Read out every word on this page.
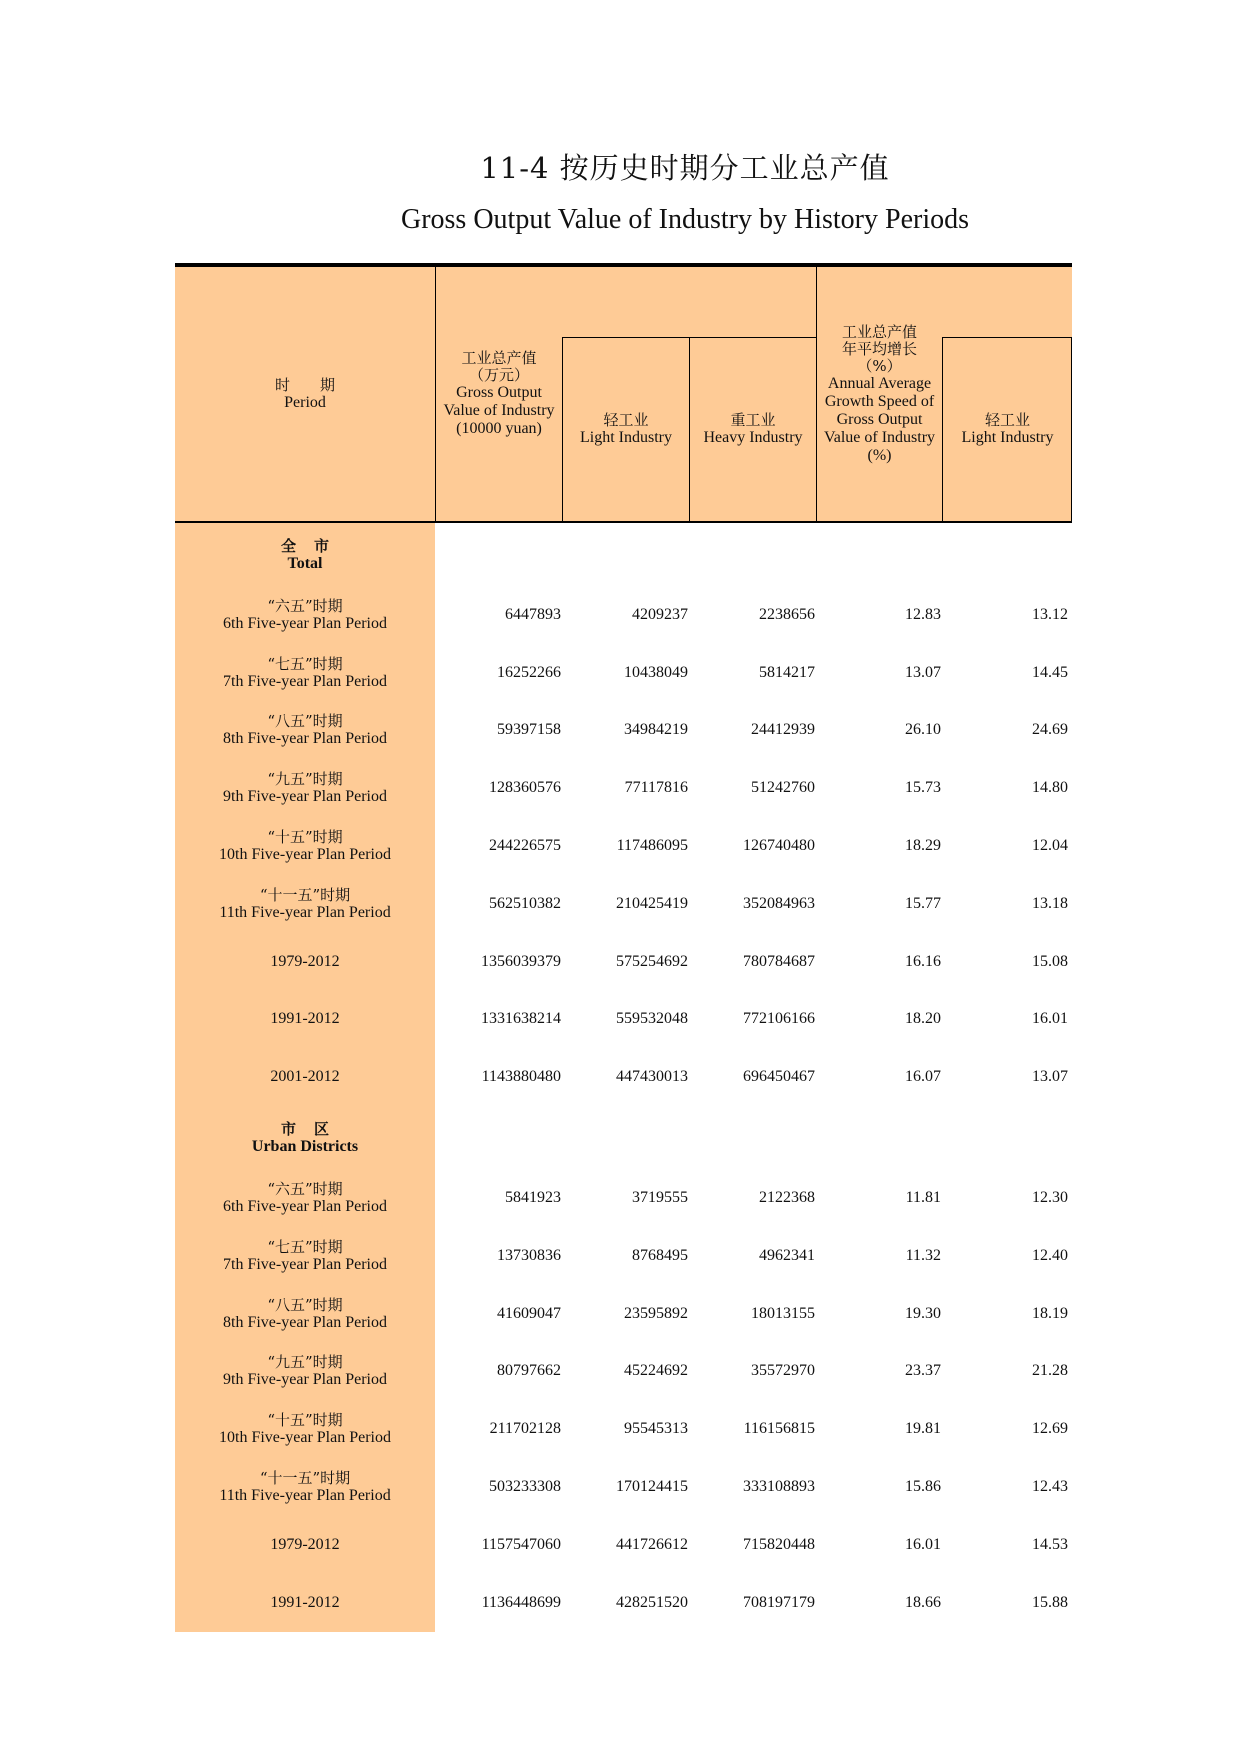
11-4 按历史时期分工业总产值
Gross Output Value of Industry by History Periods
时　　期
Period
工业总产值
（万元）
Gross Output
Value of Industry
(10000 yuan)	轻工业
Light Industry
重工业
Heavy Industry
工业总产值
年平均增长
（%）
Annual Average
Growth Speed of
Gross Output
Value of Industry
(%)
轻工业
Light Industry
全市
Total
“六五”时期
6th Five-year Plan Period
6447893	4209237	2238656	12.83	13.12
“七五”时期
7th Five-year Plan Period
16252266	10438049	5814217	13.07	14.45
“八五”时期
8th Five-year Plan Period
59397158	34984219	24412939	26.10	24.69
“九五”时期
9th Five-year Plan Period
128360576	77117816	51242760	15.73	14.80
“十五”时期
10th Five-year Plan Period
244226575	117486095	126740480	18.29	12.04
“十一五”时期
11th Five-year Plan Period
562510382	210425419	352084963	15.77	13.18
1979-2012	1356039379	575254692	780784687	16.16	15.08
1991-2012	1331638214	559532048	772106166	18.20	16.01
2001-2012	1143880480	447430013	696450467	16.07	13.07
市区
Urban Districts
“六五”时期
6th Five-year Plan Period
5841923	3719555	2122368	11.81	12.30
“七五”时期
7th Five-year Plan Period
13730836	8768495	4962341	11.32	12.40
“八五”时期
8th Five-year Plan Period
41609047	23595892	18013155	19.30	18.19
“九五”时期
9th Five-year Plan Period
80797662	45224692	35572970	23.37	21.28
“十五”时期
10th Five-year Plan Period
211702128	95545313	116156815	19.81	12.69
“十一五”时期
11th Five-year Plan Period
503233308	170124415	333108893	15.86	12.43
1979-2012	1157547060	441726612	715820448	16.01	14.53
1991-2012	1136448699	428251520	708197179	18.66	15.88
